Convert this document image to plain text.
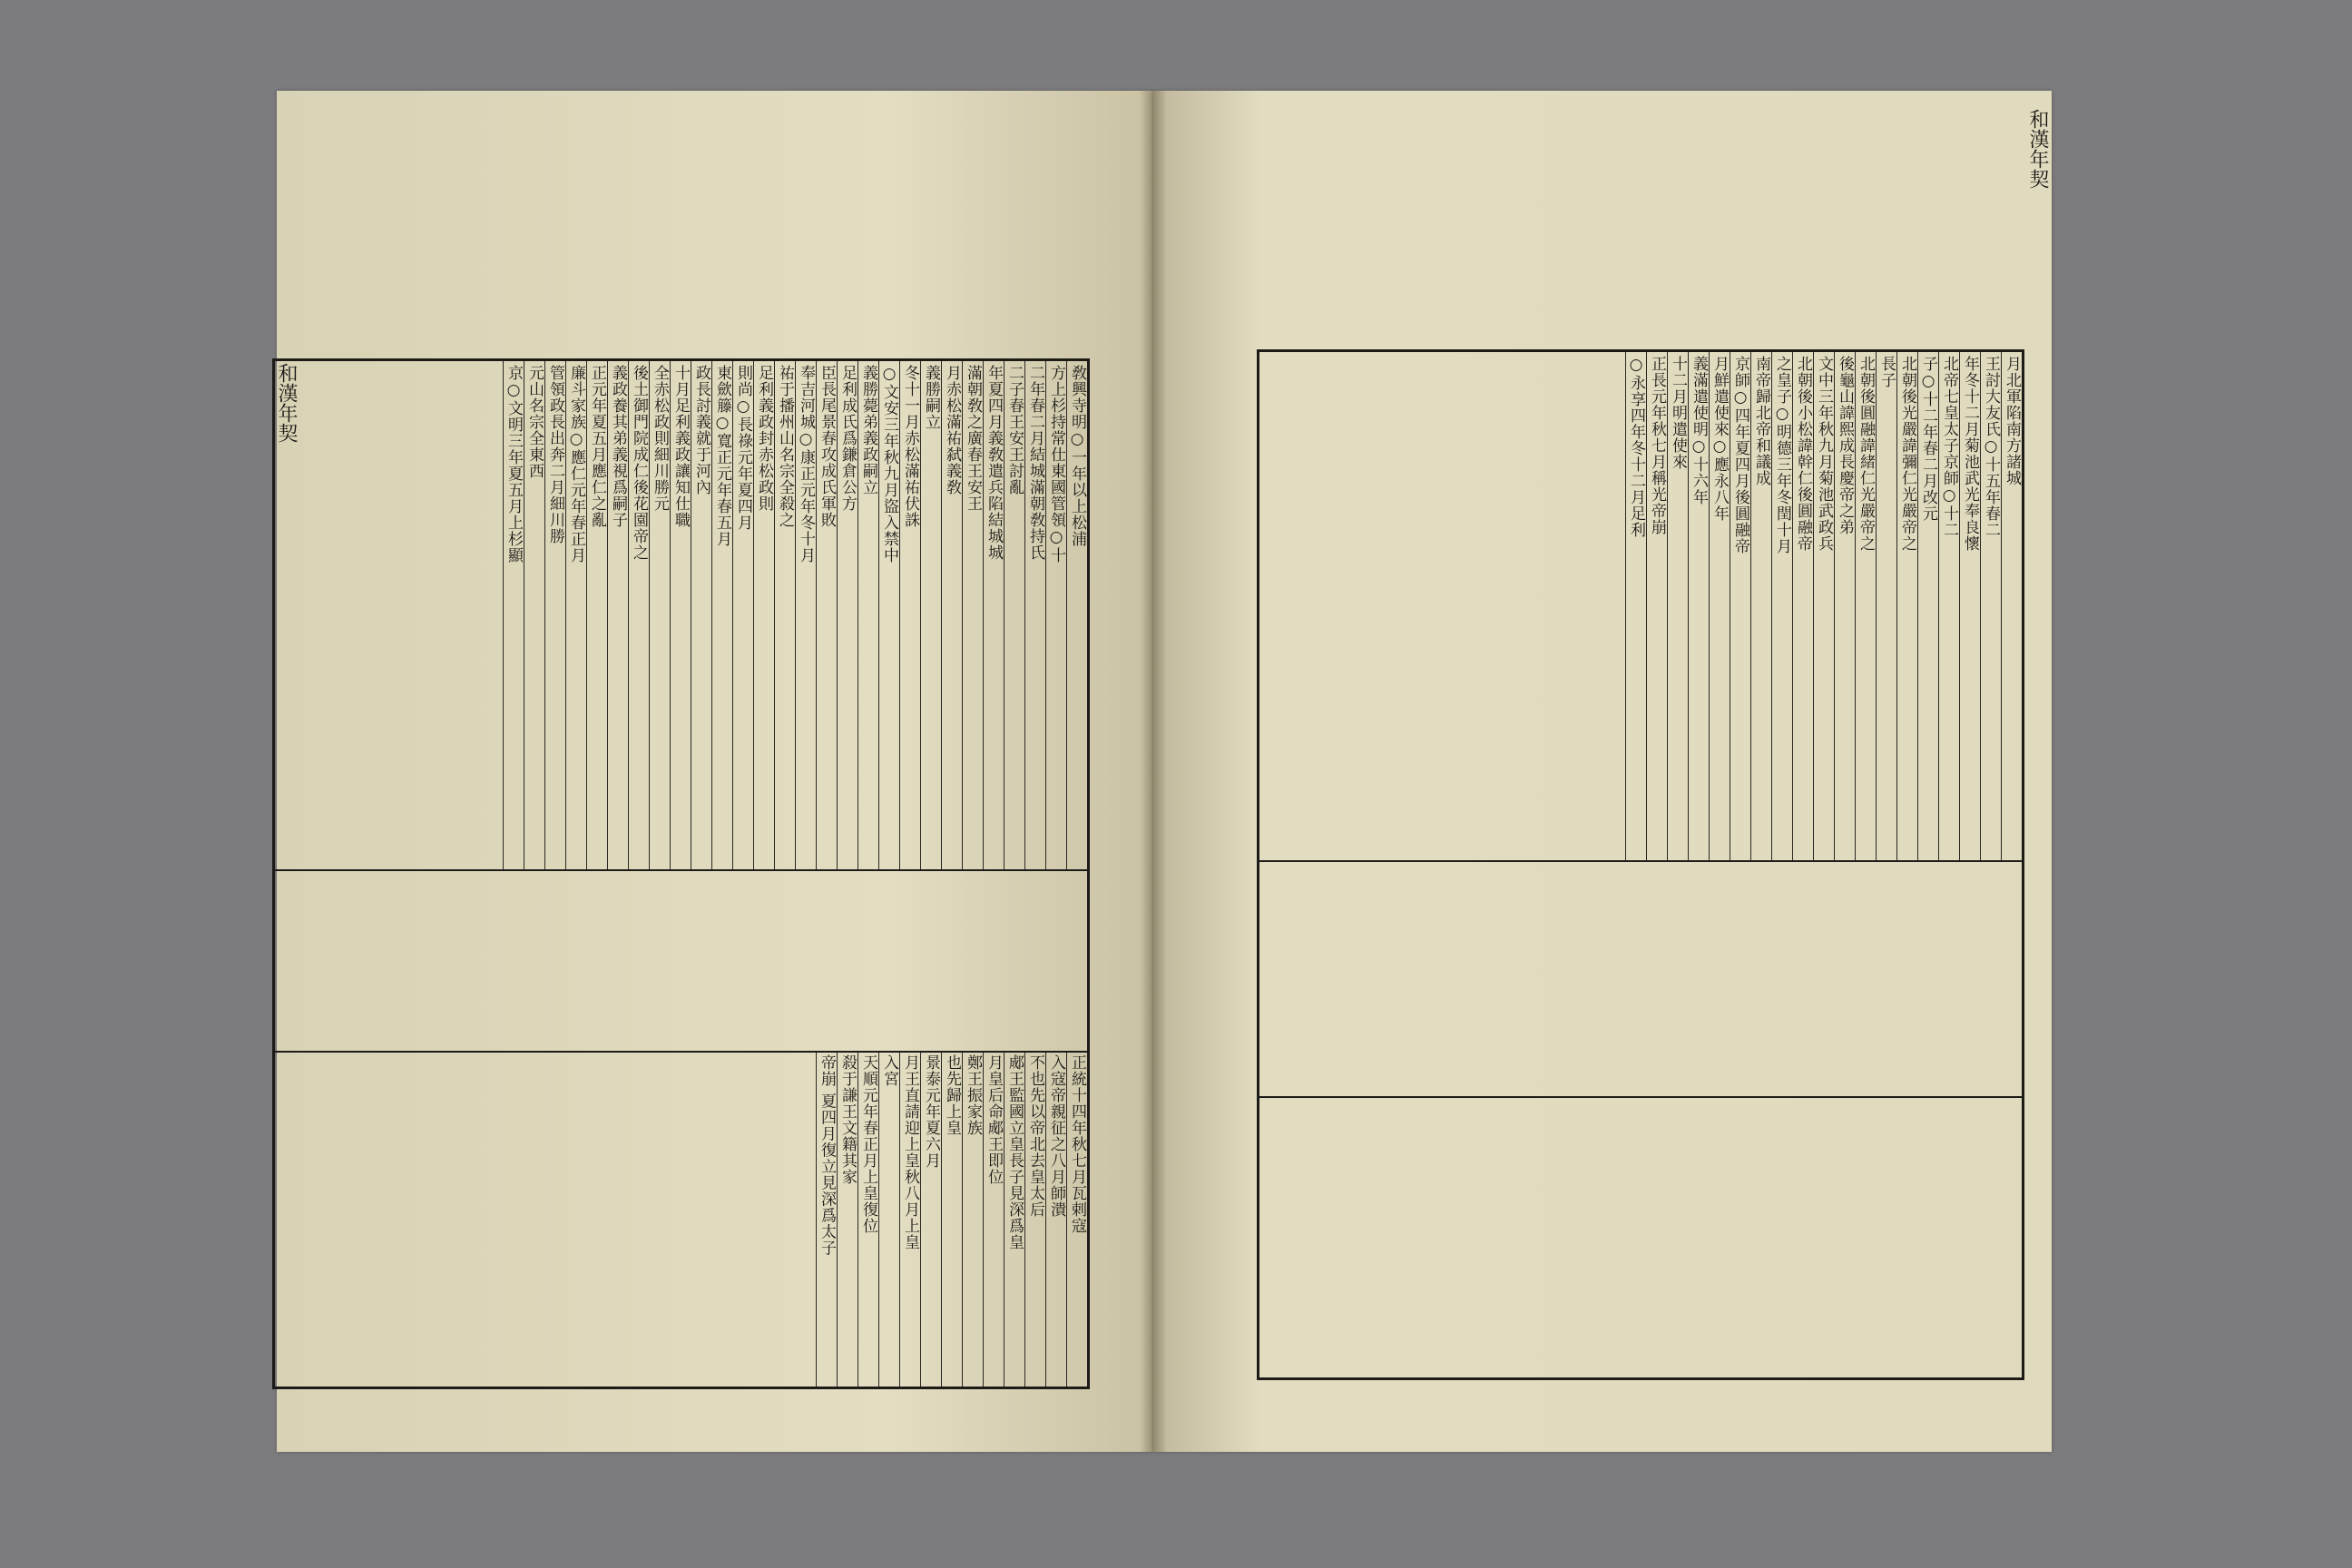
敎興寺明○一年以上松浦
方上杉持常仕東國管領○十
二年春二月結城滿朝敎持氏
二子春王安王討亂
年夏四月義敎遣兵陷結城城
滿朝敎之廣春王安王
月赤松滿祐弑義敎
義勝嗣立
冬十一月赤松滿祐伏誅
○文安三年秋九月盜入禁中
義勝薨弟義政嗣立
足利成氏爲鎌倉公方
臣長尾景春攻成氏軍敗
奉吉河城○康正元年冬十月
祐于播州山名宗全殺之
足利義政封赤松政則
則尚○長祿元年夏四月
東歛籐○寬正元年春五月
政長討義就于河內
十月足利義政讓知仕職
全赤松政則細川勝元
後土御門院成仁後花園帝之
義政養其弟義視爲嗣子
正元年夏五月應仁之亂
廉斗家族○應仁元年春正月
管領政長出奔二月細川勝
元山名宗全東西
京○文明三年夏五月上杉顯
正統十四年秋七月瓦剌寇
入寇帝親征之八月師潰
不也先以帝北去皇太后
郕王監國立皇長子見深爲皇
月皇后命郕王即位
鄭王振家族
也先歸上皇
景泰元年夏六月
月王直請迎上皇秋八月上皇
入宮
天順元年春正月上皇復位
殺于謙王文籍其家
帝崩 夏四月復立見深爲太子
和漢年契	月北軍陷南方諸城
王討大友氏○十五年春二
年冬十二月菊池武光奉良懷
北帝七皇太子京師○十二
子○十二年春二月改元
北朝後光嚴諱彌仁光嚴帝之
長子
北朝後圓融諱緒仁光嚴帝之
後龜山諱熙成長慶帝之弟
文中三年秋九月菊池武政兵
北朝後小松諱幹仁後圓融帝
之皇子○明德三年冬閏十月
南帝歸北帝和議成
京師○四年夏四月後圓融帝
月鮮遣使來○應永八年
義滿遣使明○十六年
十二月明遣使來
正長元年秋七月稱光帝崩
○永享四年冬十二月足利
和漢年契
